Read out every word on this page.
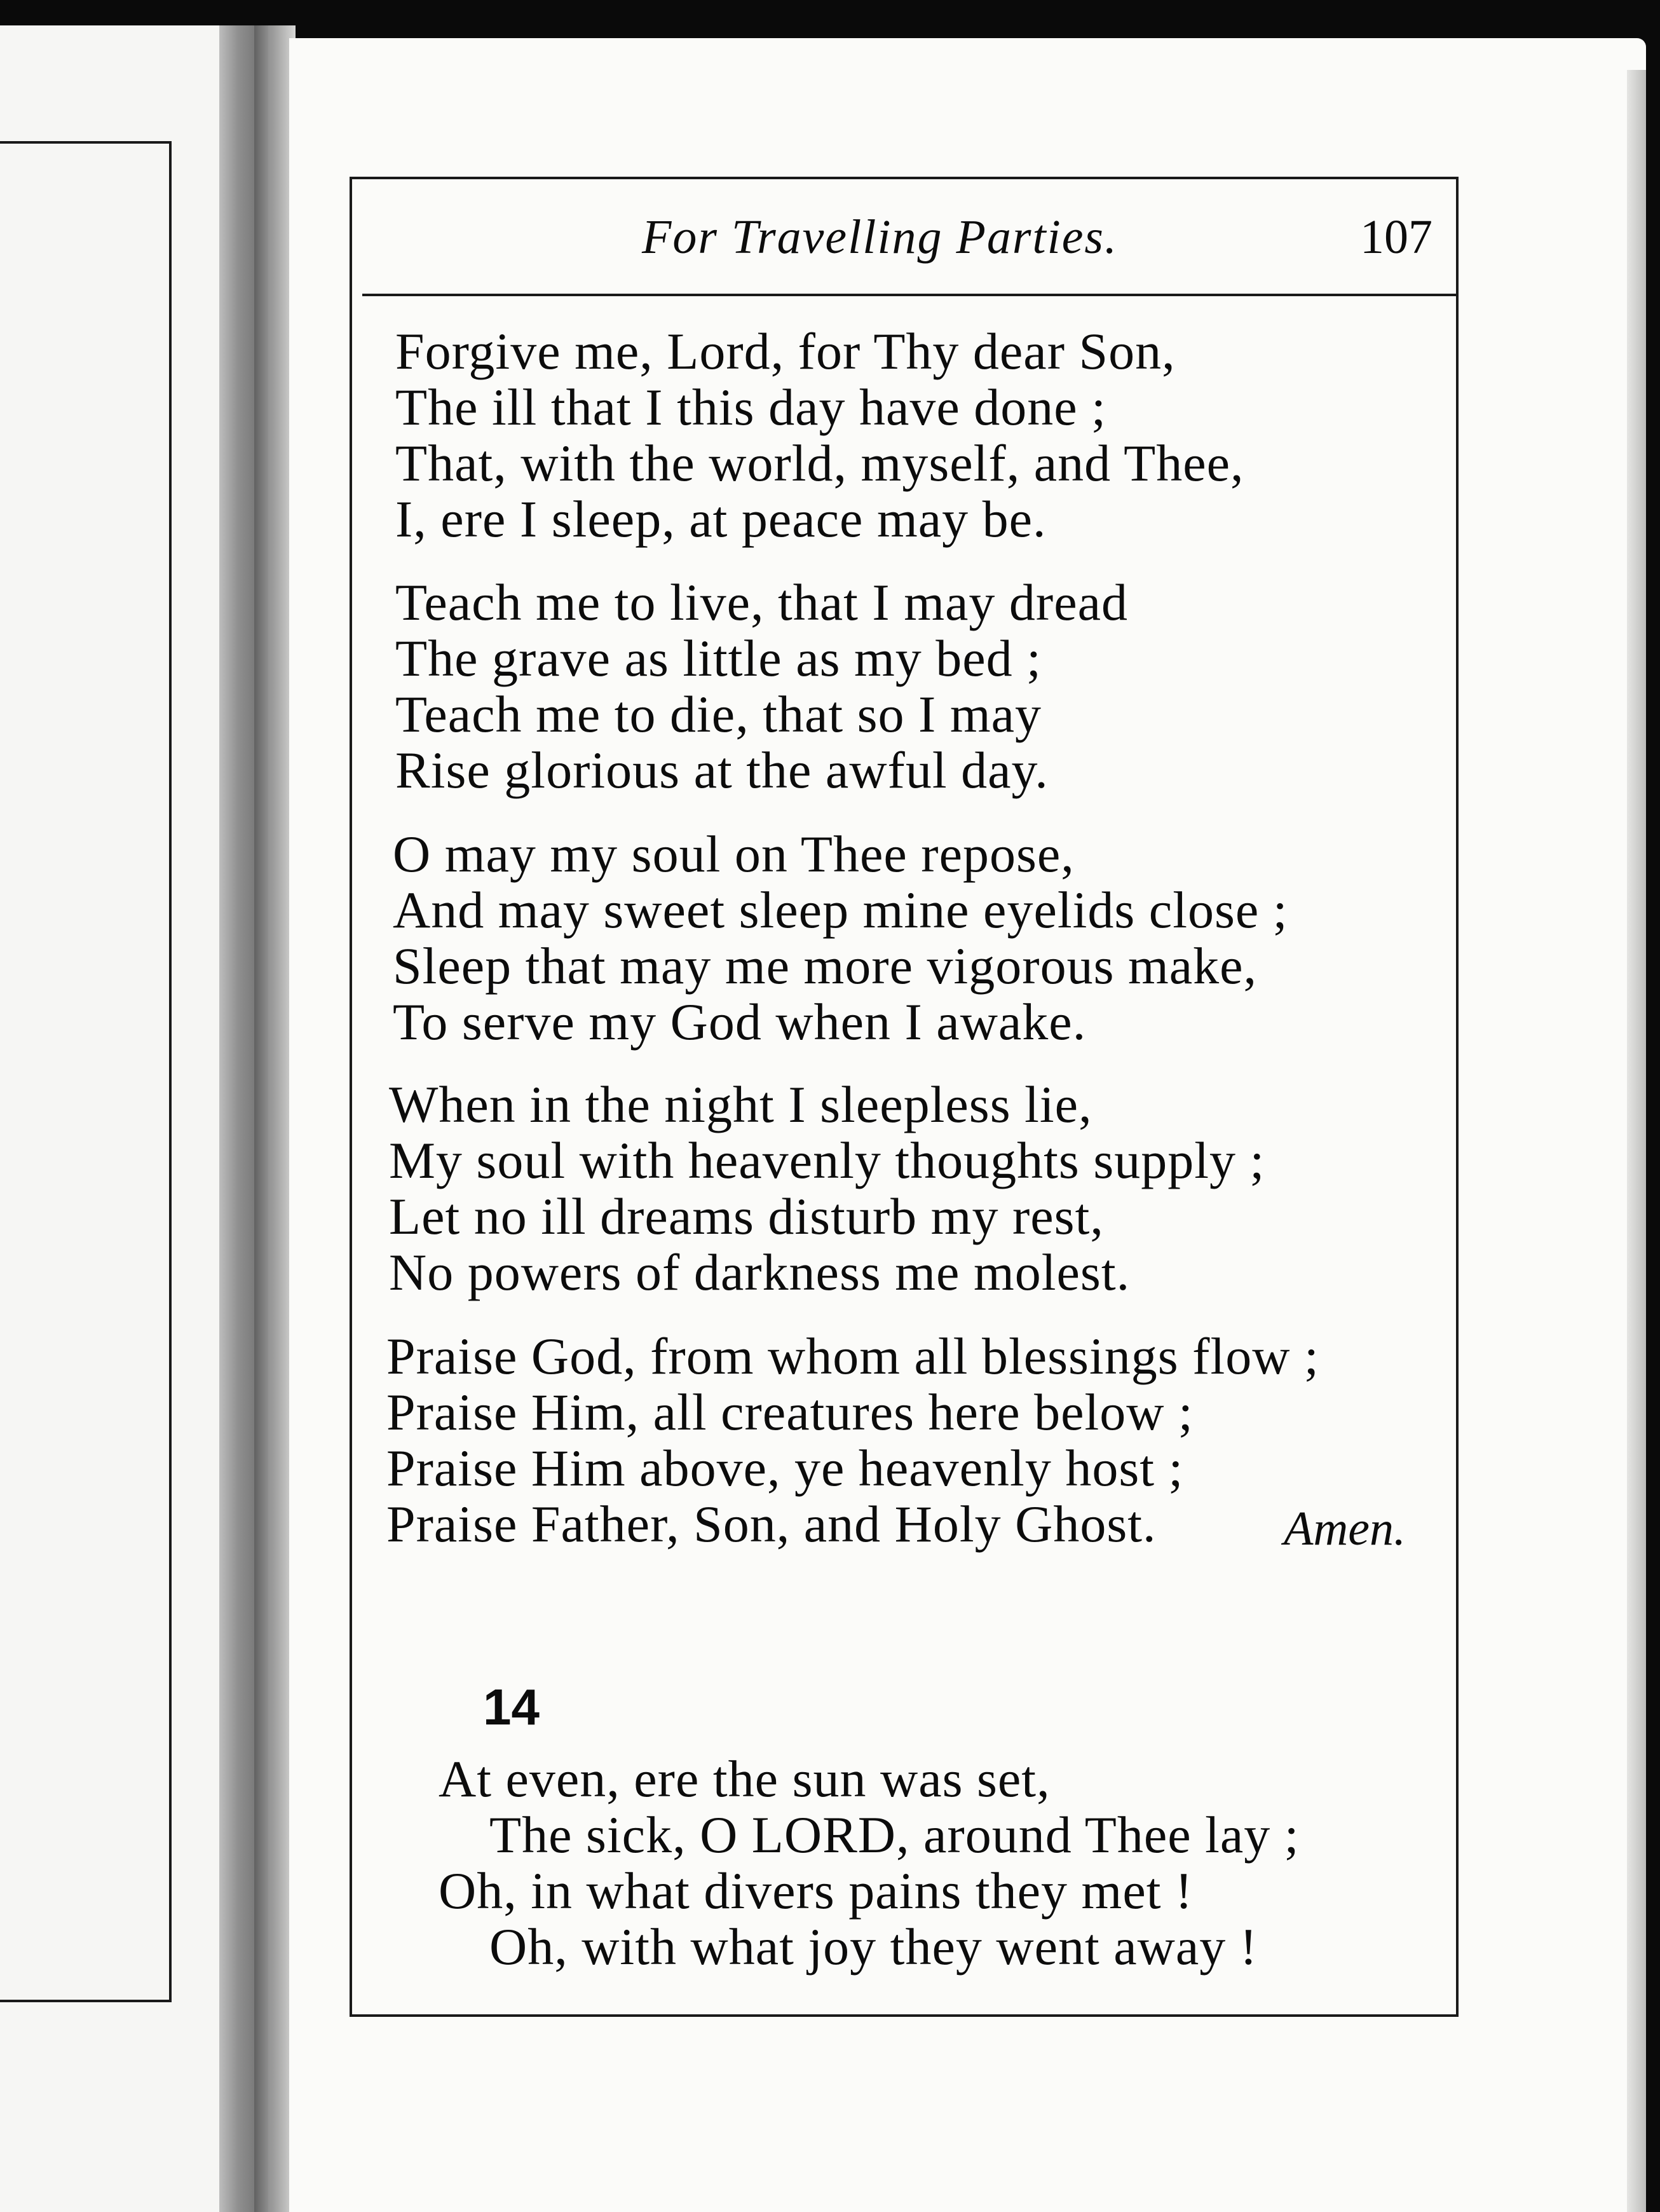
For Travelling Parties.	107
Forgive me, Lord, for Thy dear Son,
The ill that I this day have done ;
That, with the world, myself, and Thee,
I, ere I sleep, at peace may be.
Teach me to live, that I may dread
The grave as little as my bed ;
Teach me to die, that so I may
Rise glorious at the awful day.
O may my soul on Thee repose,
And may sweet sleep mine eyelids close ;
Sleep that may me more vigorous make,
To serve my God when I awake.
When in the night I sleepless lie,
My soul with heavenly thoughts supply ;
Let no ill dreams disturb my rest,
No powers of darkness me molest.
Praise God, from whom all blessings flow ;
Praise Him, all creatures here below ;
Praise Him above, ye heavenly host ;
Praise Father, Son, and Holy Ghost.	Amen.
14
At even, ere the sun was set,
The sick, O LORD, around Thee lay ;
Oh, in what divers pains they met !
Oh, with what joy they went away !
